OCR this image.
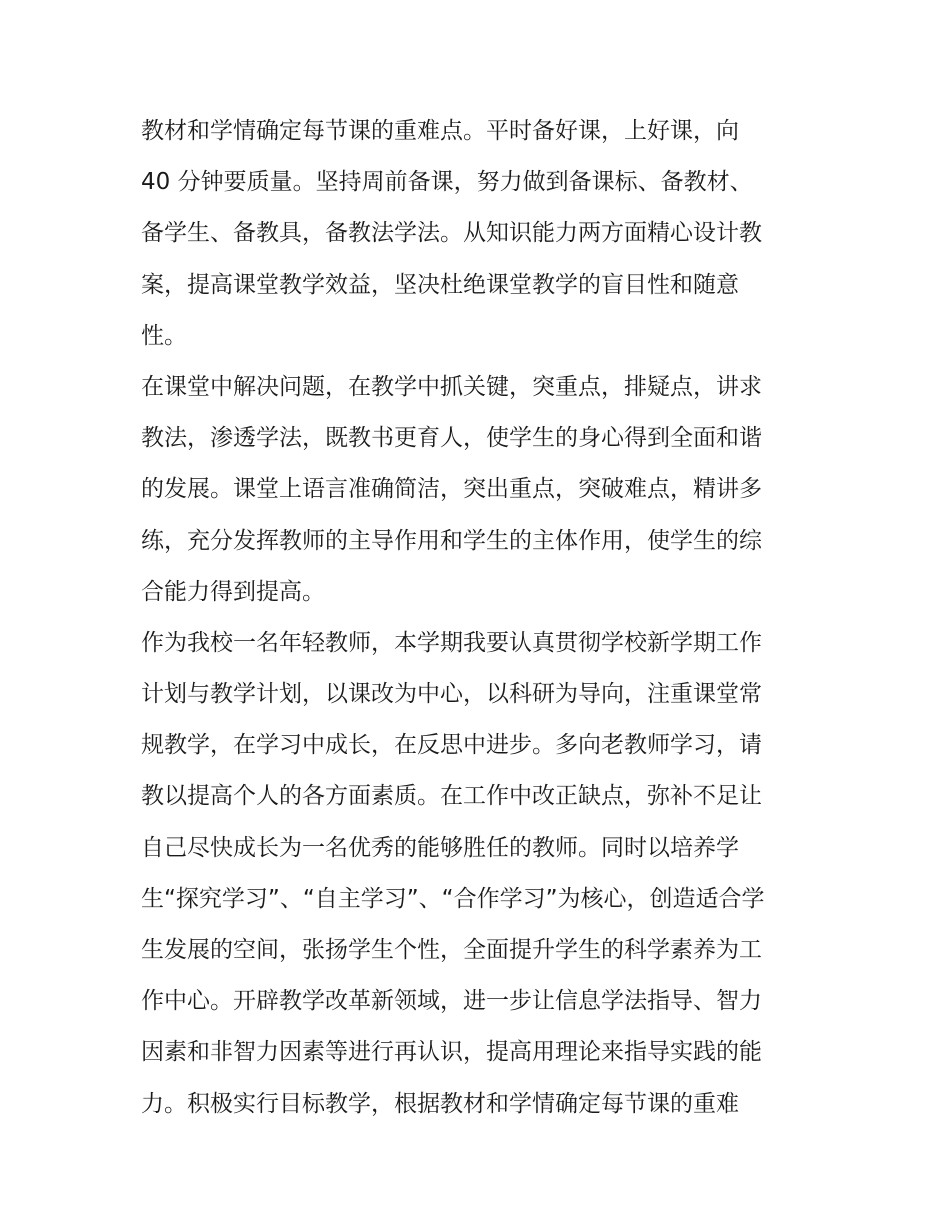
教材和学情确定每节课的重难点。平时备好课，上好课，向
40 分钟要质量。坚持周前备课，努力做到备课标、备教材、
备学生、备教具，备教法学法。从知识能力两方面精心设计教
案，提高课堂教学效益，坚决杜绝课堂教学的盲目性和随意
性。
在课堂中解决问题，在教学中抓关键，突重点，排疑点，讲求
教法，渗透学法，既教书更育人，使学生的身心得到全面和谐
的发展。课堂上语言准确简洁，突出重点，突破难点，精讲多
练，充分发挥教师的主导作用和学生的主体作用，使学生的综
合能力得到提高。
作为我校一名年轻教师，本学期我要认真贯彻学校新学期工作
计划与教学计划，以课改为中心，以科研为导向，注重课堂常
规教学，在学习中成长，在反思中进步。多向老教师学习，请
教以提高个人的各方面素质。在工作中改正缺点，弥补不足让
自己尽快成长为一名优秀的能够胜任的教师。同时以培养学
生“探究学习”、“自主学习”、“合作学习”为核心，创造适合学
生发展的空间，张扬学生个性，全面提升学生的科学素养为工
作中心。开辟教学改革新领域，进一步让信息学法指导、智力
因素和非智力因素等进行再认识，提高用理论来指导实践的能
力。积极实行目标教学，根据教材和学情确定每节课的重难
